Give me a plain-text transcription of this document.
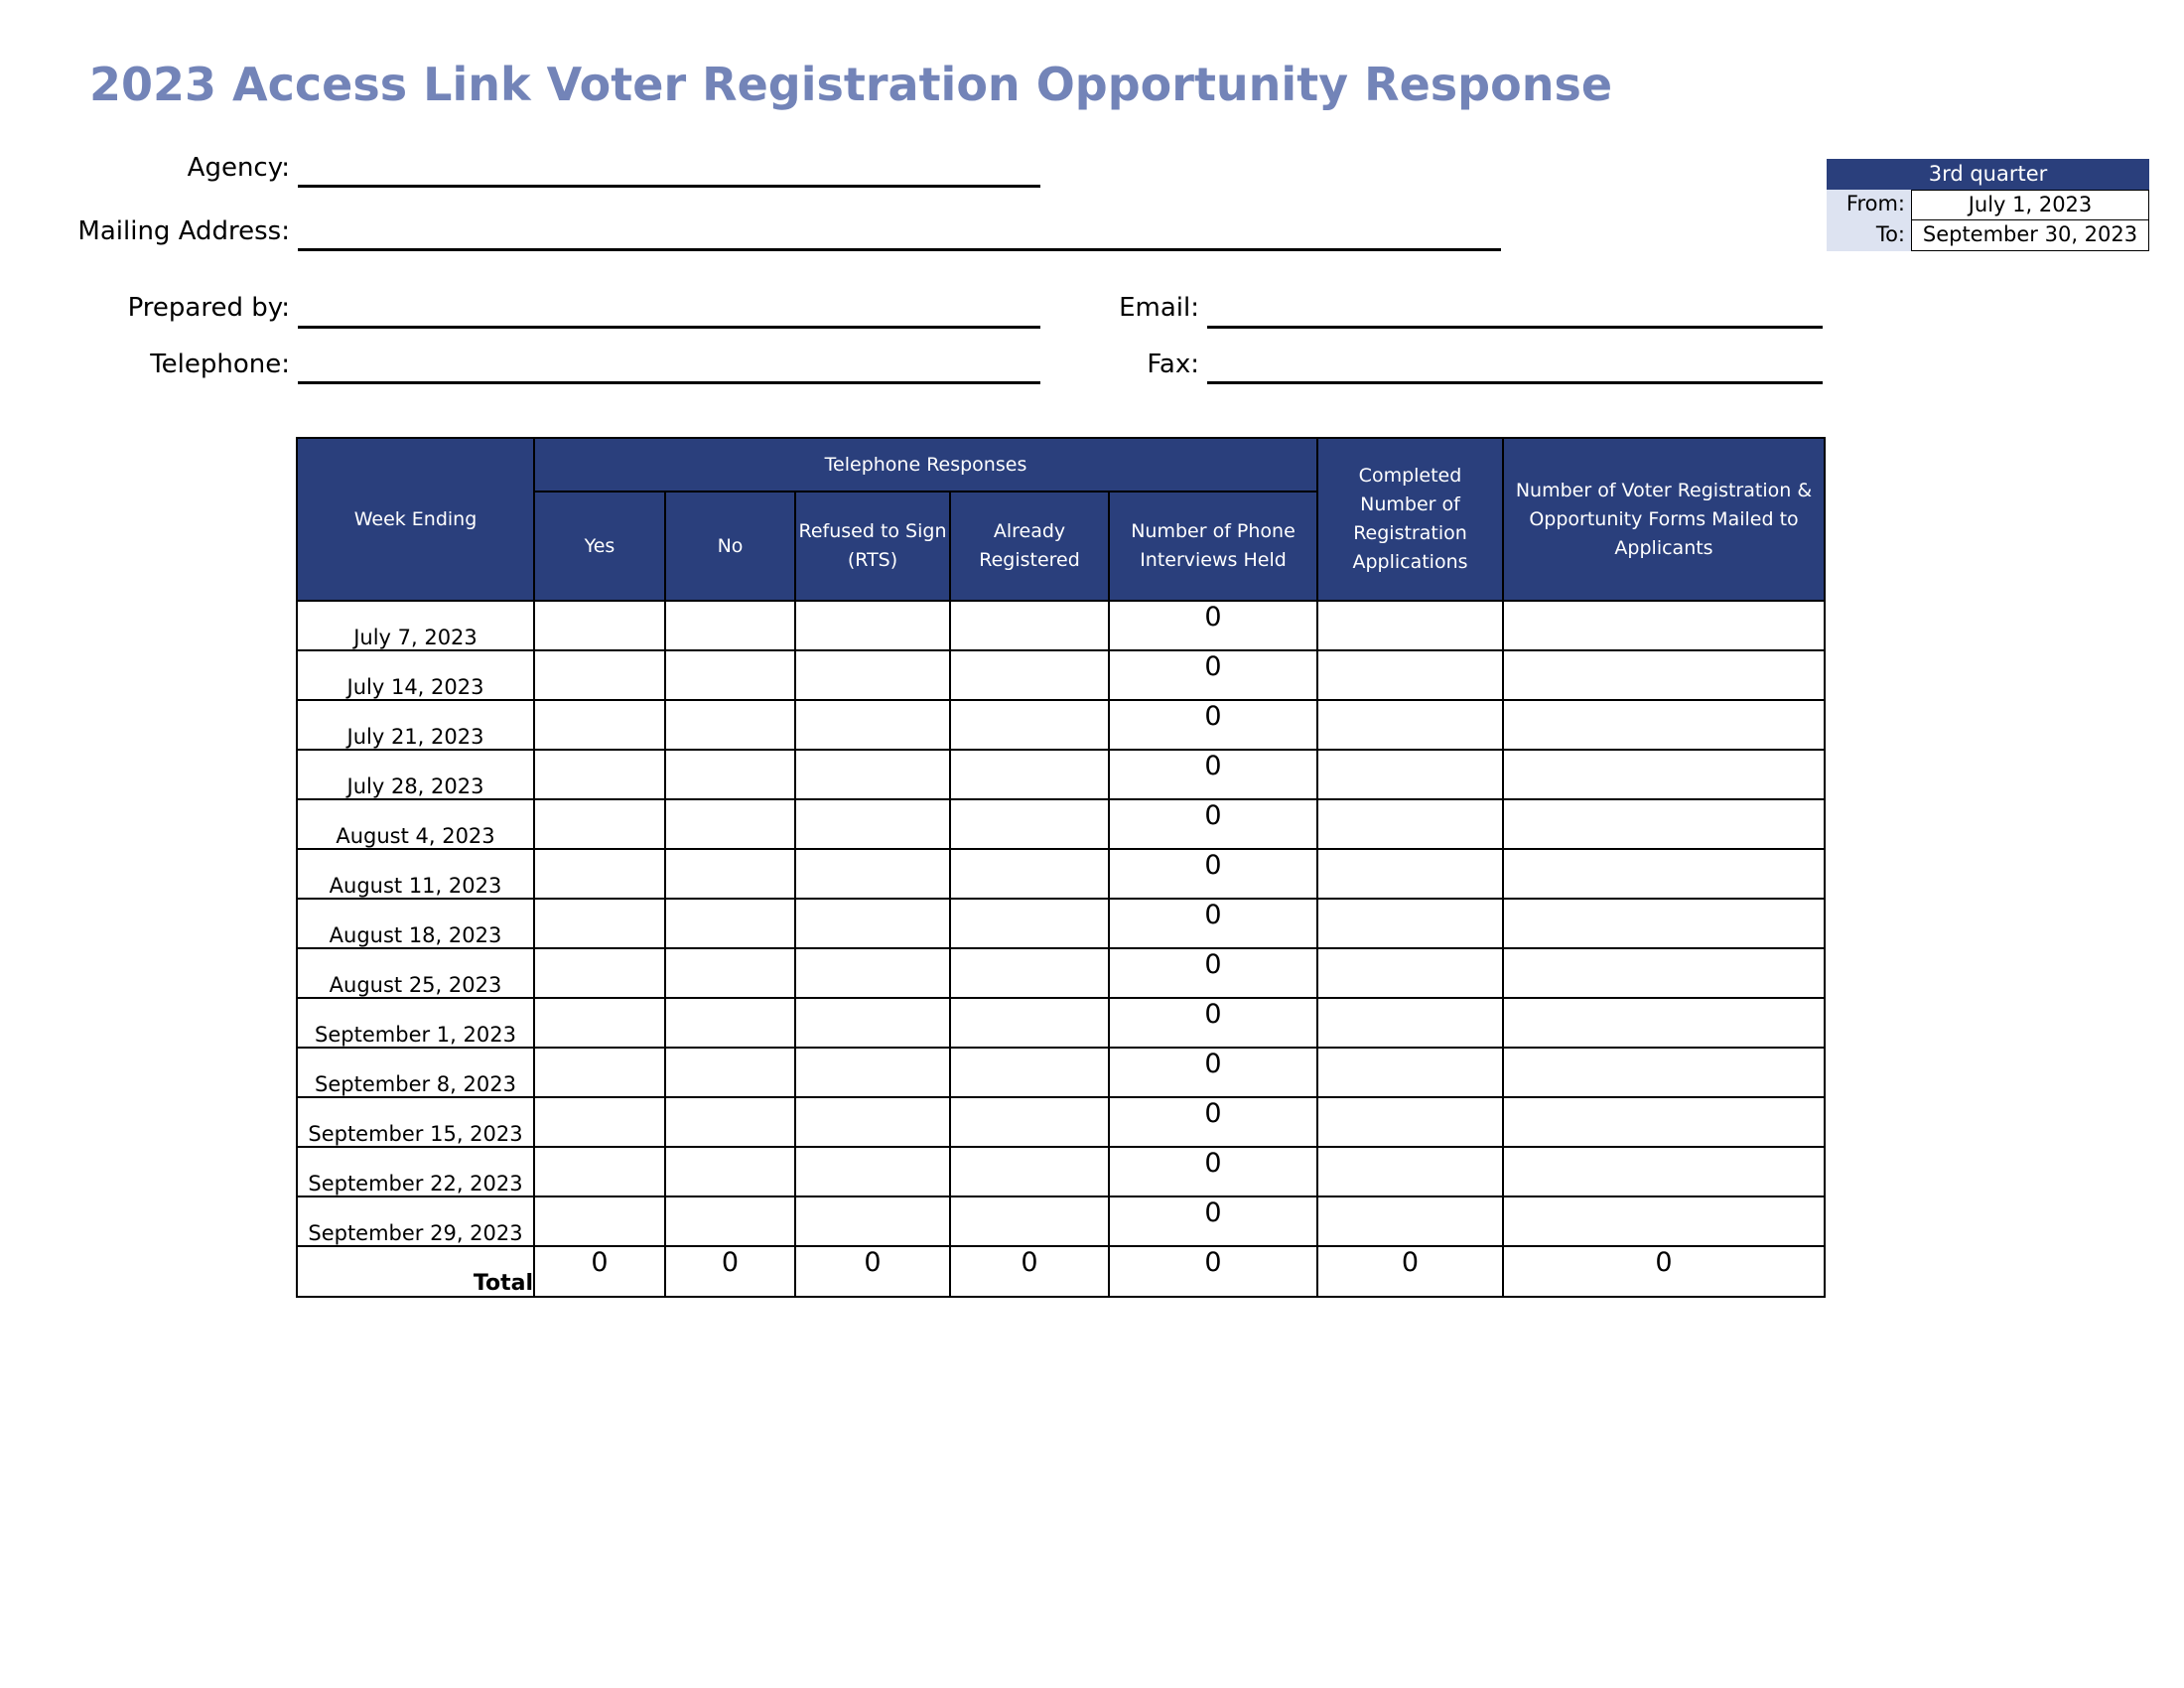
2023 Access Link Voter Registration Opportunity Response
Agency:
Mailing Address:
Prepared by:
Telephone:
Email:
Fax:
3rd quarter
From:	July 1, 2023
To: September 30, 2023
Week Ending	Telephone Responses					Completed Number of Registration Applications	Number of Voter Registration & Opportunity Forms Mailed to Applicants
	Yes	No	Refused to Sign (RTS)	Already Registered	Number of Phone Interviews Held		
July 7, 2023					0		
July 14, 2023					0		
July 21, 2023					0		
July 28, 2023					0		
August 4, 2023					0		
August 11, 2023					0		
August 18, 2023					0		
August 25, 2023					0		
September 1, 2023					0		
September 8, 2023					0		
September 15, 2023					0		
September 22, 2023					0		
September 29, 2023					0		
Total	0	0	0	0	0	0	0
